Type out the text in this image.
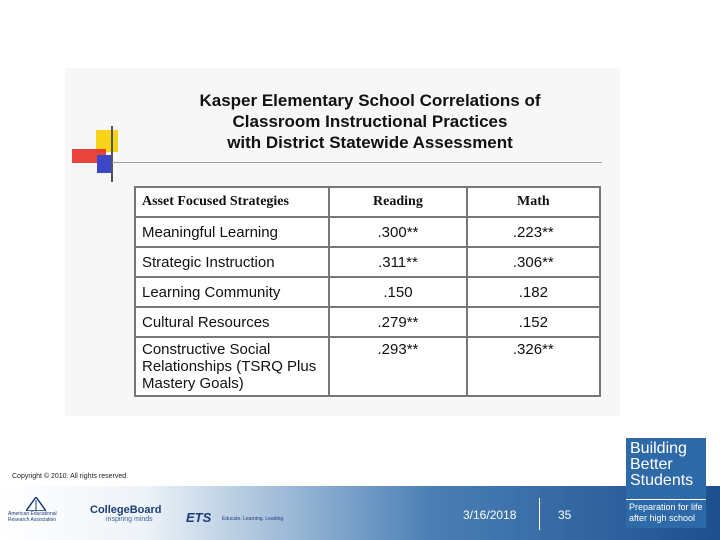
Kasper Elementary School Correlations of
Classroom Instructional Practices
with District Statewide Assessment
Asset Focused Strategies	Reading	Math
Meaningful Learning	.300**	.223**
Strategic Instruction	.311**	.306**
Learning Community	.150	.182
Cultural Resources	.279**	.152
Constructive Social Relationships (TSRQ Plus Mastery Goals)	.293**	.326**
Copyright © 2010. All rights reserved.
American Educational Research Association
CollegeBoard
inspiring minds	ETS Educate. Learning. Leading.	3/16/2018	35
Building
Better
Students
Preparation for life
after high school
